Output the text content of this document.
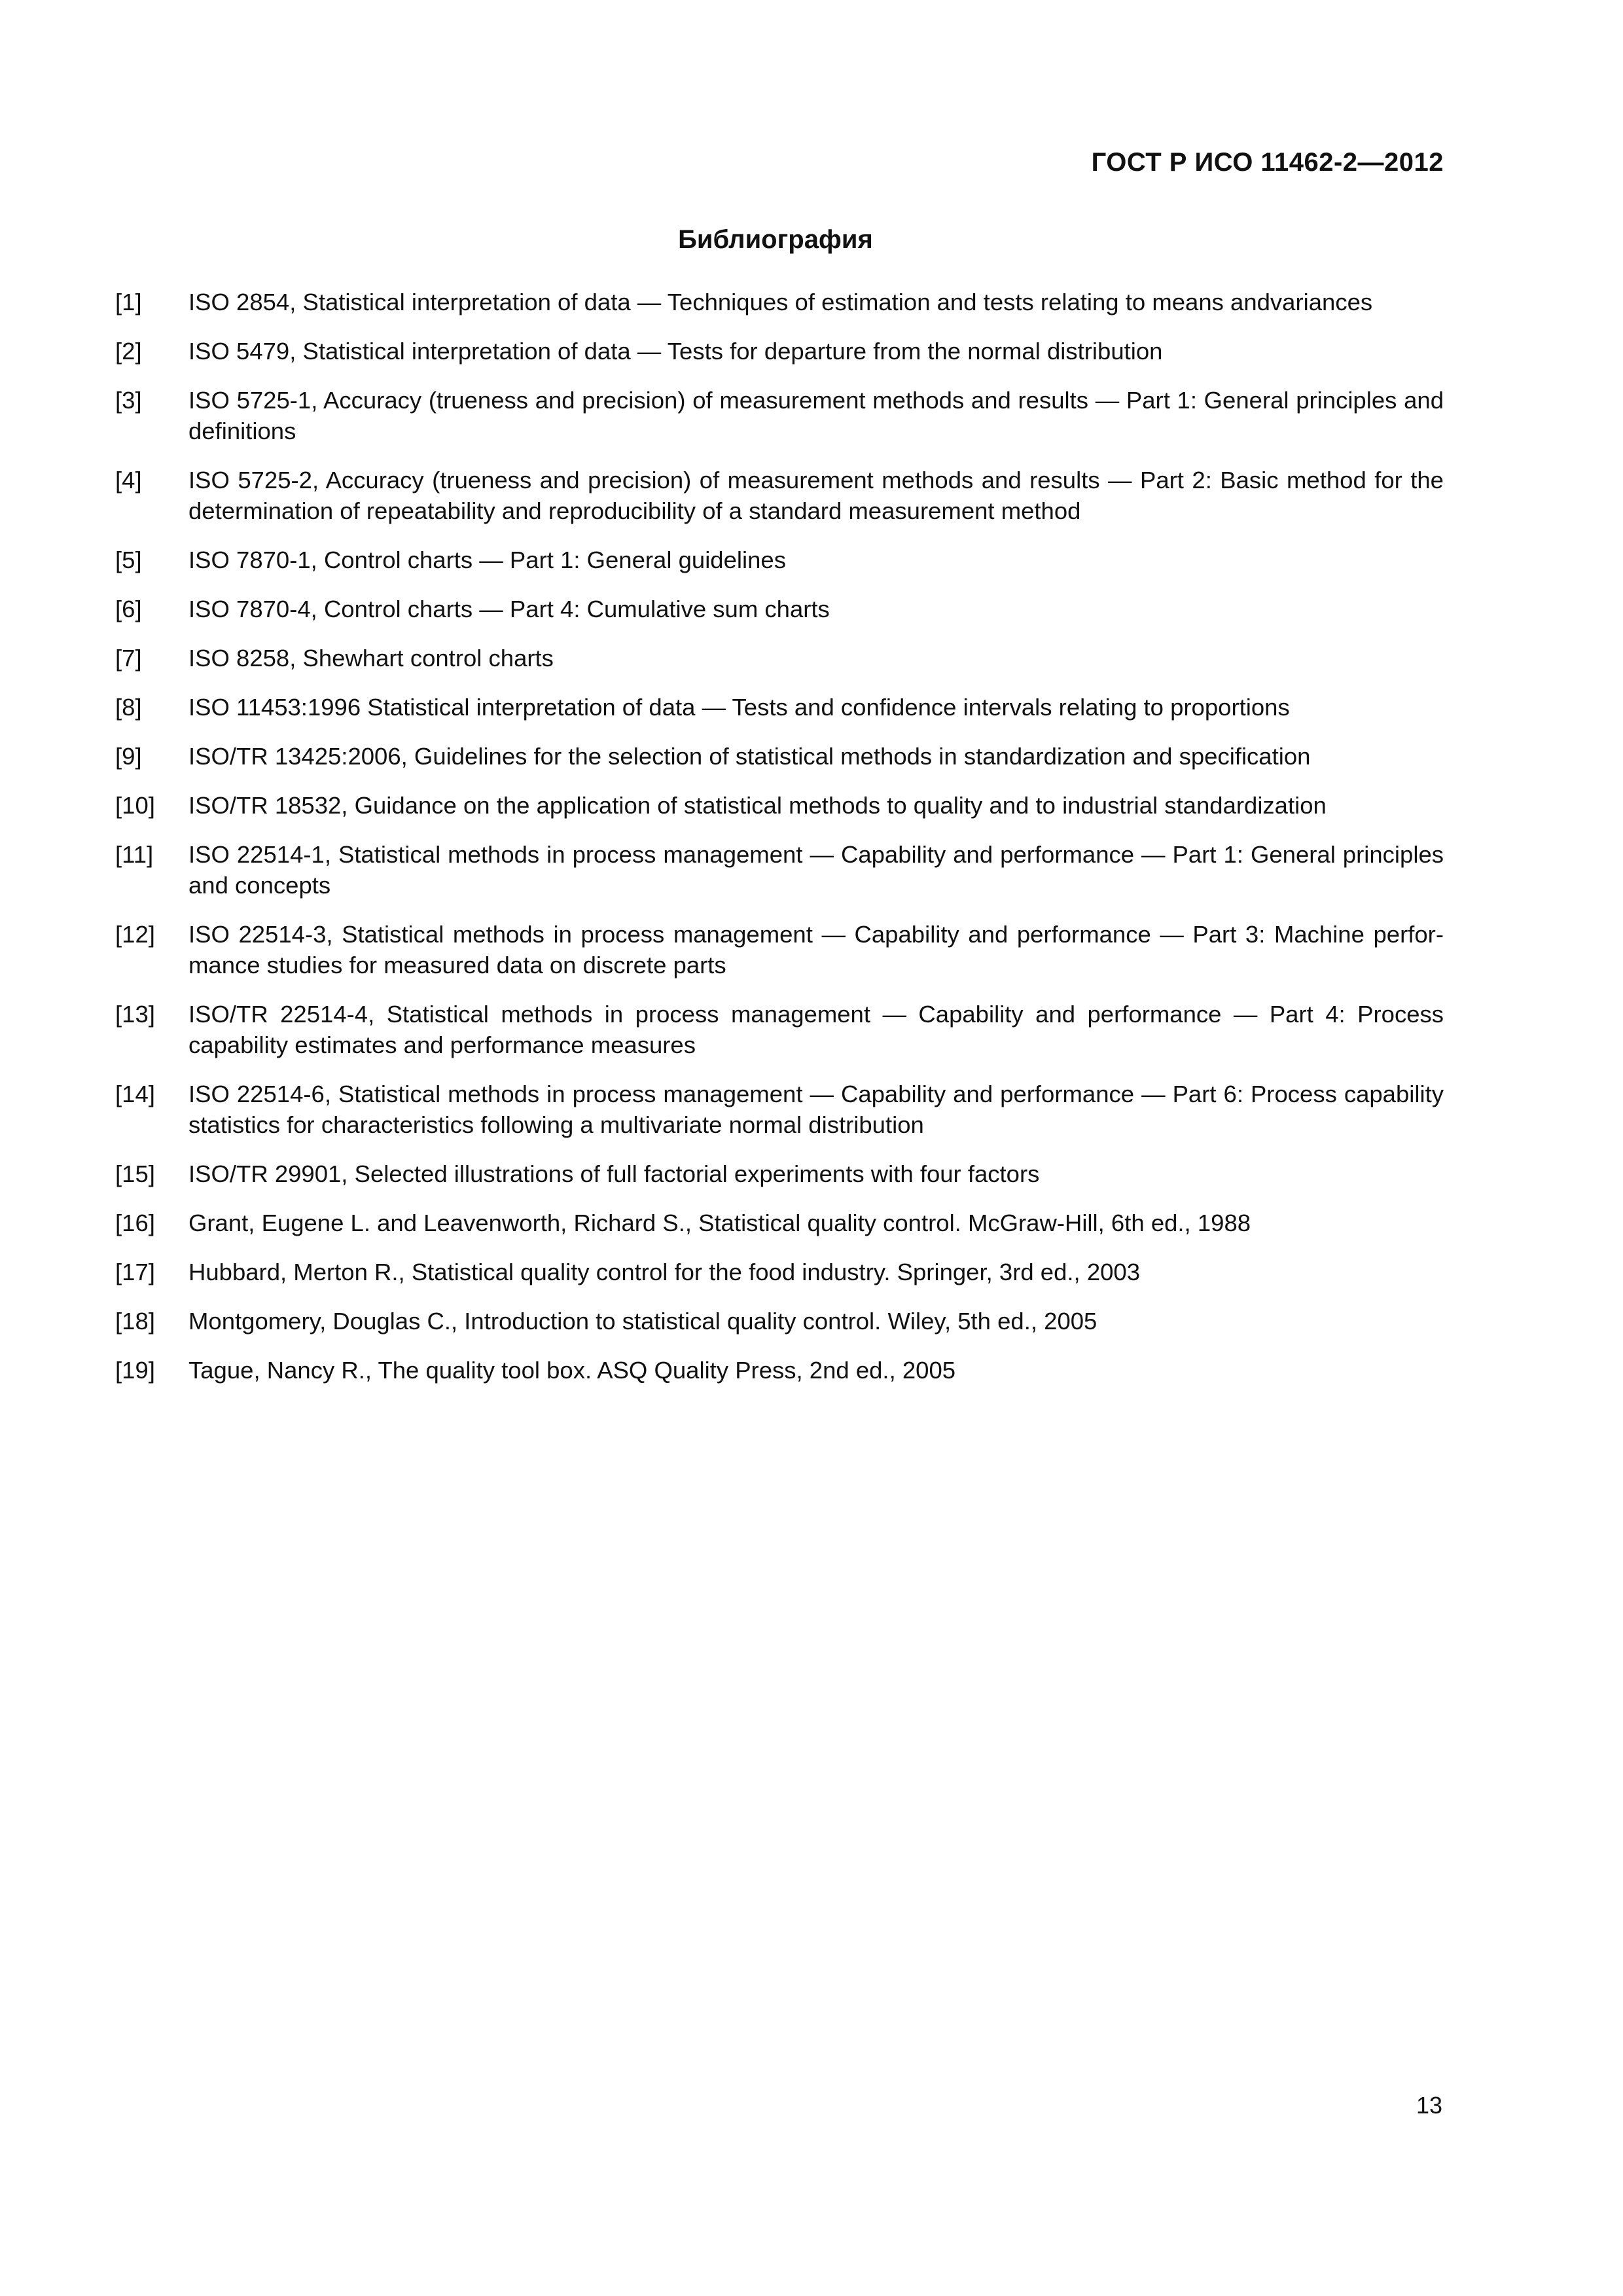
ГОСТ Р ИСО 11462-2—2012
Библиография
[1]	ISO 2854, Statistical interpretation of data — Techniques of estimation and tests relating to means andvariances
[2]	ISO 5479, Statistical interpretation of data — Tests for departure from the normal distribution
[3]	ISO 5725-1, Accuracy (trueness and precision) of measurement methods and results — Part 1: General principles and definitions
[4]	ISO 5725-2, Accuracy (trueness and precision) of measurement methods and results — Part 2: Basic method for the determination of repeatability and reproducibility of a standard measurement method
[5]	ISO 7870-1, Control charts — Part 1: General guidelines
[6]	ISO 7870-4, Control charts — Part 4: Cumulative sum charts
[7]	ISO 8258, Shewhart control charts
[8]	ISO 11453:1996 Statistical interpretation of data — Tests and confidence intervals relating to proportions
[9]	ISO/TR 13425:2006, Guidelines for the selection of statistical methods in standardization and specification
[10]	ISO/TR 18532, Guidance on the application of statistical methods to quality and to industrial standardization
[11]	ISO 22514-1, Statistical methods in process management — Capability and performance — Part 1: General principles and concepts
[12]	ISO 22514-3, Statistical methods in process management — Capability and performance — Part 3: Machine performance studies for measured data on discrete parts
[13]	ISO/TR 22514-4, Statistical methods in process management — Capability and performance — Part 4: Process capability estimates and performance measures
[14]	ISO 22514-6, Statistical methods in process management — Capability and performance — Part 6: Process capability statistics for characteristics following a multivariate normal distribution
[15]	ISO/TR 29901, Selected illustrations of full factorial experiments with four factors
[16]	Grant, Eugene L. and Leavenworth, Richard S., Statistical quality control. McGraw-Hill, 6th ed., 1988
[17]	Hubbard, Merton R., Statistical quality control for the food industry. Springer, 3rd ed., 2003
[18]	Montgomery, Douglas C., Introduction to statistical quality control. Wiley, 5th ed., 2005
[19]	Tague, Nancy R., The quality tool box. ASQ Quality Press, 2nd ed., 2005
13
